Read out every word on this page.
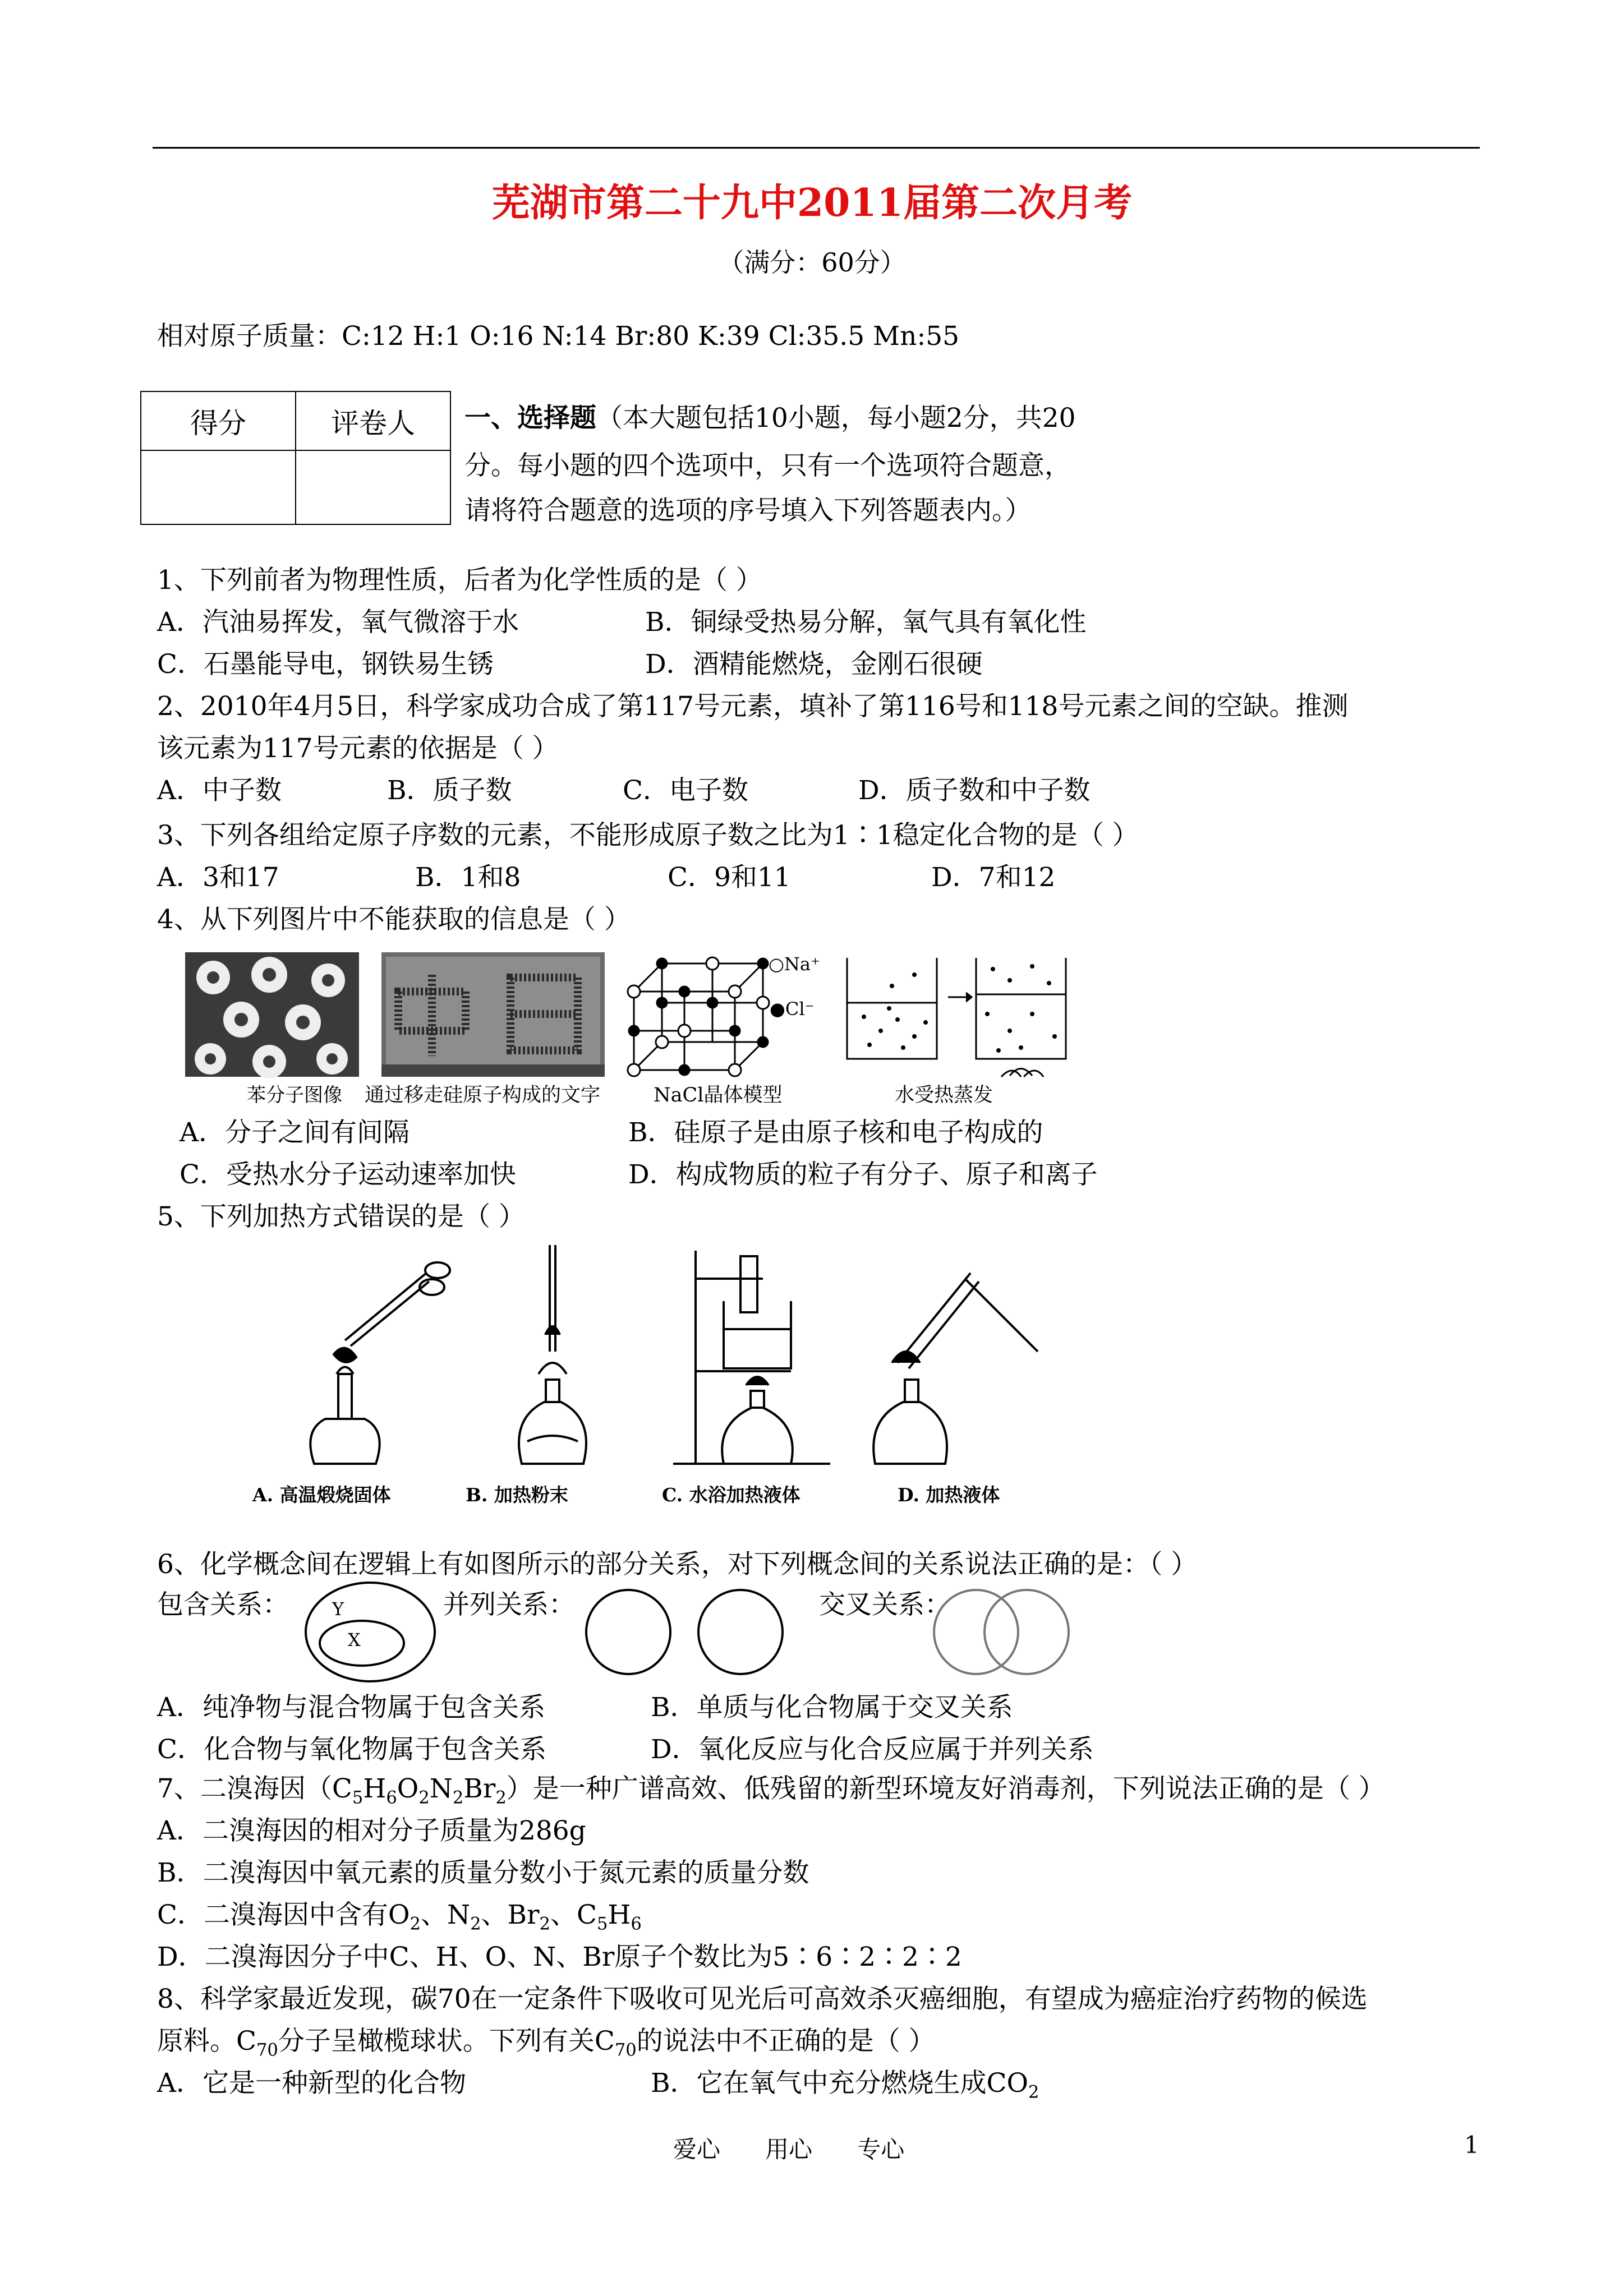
芜湖市第二十九中2011届第二次月考
（满分：60分）
相对原子质量：C:12 H:1 O:16 N:14 Br:80 K:39 Cl:35.5 Mn:55
得分	评卷人
	一、选择题（本大题包括10小题，每小题2分，共20
分。每小题的四个选项中，只有一个选项符合题意，
请将符合题意的选项的序号填入下列答题表内。）
1、下列前者为物理性质，后者为化学性质的是（ ）
A．汽油易挥发，氧气微溶于水	B．铜绿受热易分解，氧气具有氧化性
C．石墨能导电，钢铁易生锈	D．酒精能燃烧，金刚石很硬
2、2010年4月5日，科学家成功合成了第117号元素，填补了第116号和118号元素之间的空缺。推测
该元素为117号元素的依据是（ ）
A．中子数	B．质子数	C．电子数	D．质子数和中子数
3、下列各组给定原子序数的元素，不能形成原子数之比为1∶1稳定化合物的是（ ）
A．3和17	B．1和8	C．9和11	D．7和12
4、从下列图片中不能获取的信息是（ ）
苯分子图像 通过移走硅原子构成的文字	NaCl晶体模型	水受热蒸发
○Na⁺
●Cl⁻
A．分子之间有间隔	B．硅原子是由原子核和电子构成的
C．受热水分子运动速率加快	D．构成物质的粒子有分子、原子和离子
5、下列加热方式错误的是（ ）
A. 高温煅烧固体	B. 加热粉末	C. 水浴加热液体	D. 加热液体
6、化学概念间在逻辑上有如图所示的部分关系，对下列概念间的关系说法正确的是：（ ）
包含关系：	并列关系：	交叉关系：
Y
X
A．纯净物与混合物属于包含关系	B．单质与化合物属于交叉关系
C．化合物与氧化物属于包含关系	D．氧化反应与化合反应属于并列关系
7、二溴海因$(C_5H_6O_2N_2Br_2)$是一种广谱高效、低残留的新型环境友好消毒剂，下列说法正确的是（ ）
A．二溴海因的相对分子质量为286g
B．二溴海因中氧元素的质量分数小于氮元素的质量分数
C．二溴海因中含有$O_2$、$N_2$、$Br_2$、$C_5H_6$
D．二溴海因分子中C、H、O、N、Br原子个数比为5∶6∶2∶2∶2
8、科学家最近发现，碳70在一定条件下吸收可见光后可高效杀灭癌细胞，有望成为癌症治疗药物的候选
原料。$C_{70}$分子呈橄榄球状。下列有关$C_{70}$的说法中不正确的是（ ）
A．它是一种新型的化合物	B．它在氧气中充分燃烧生成$CO_2$
爱心      用心      专心	1
